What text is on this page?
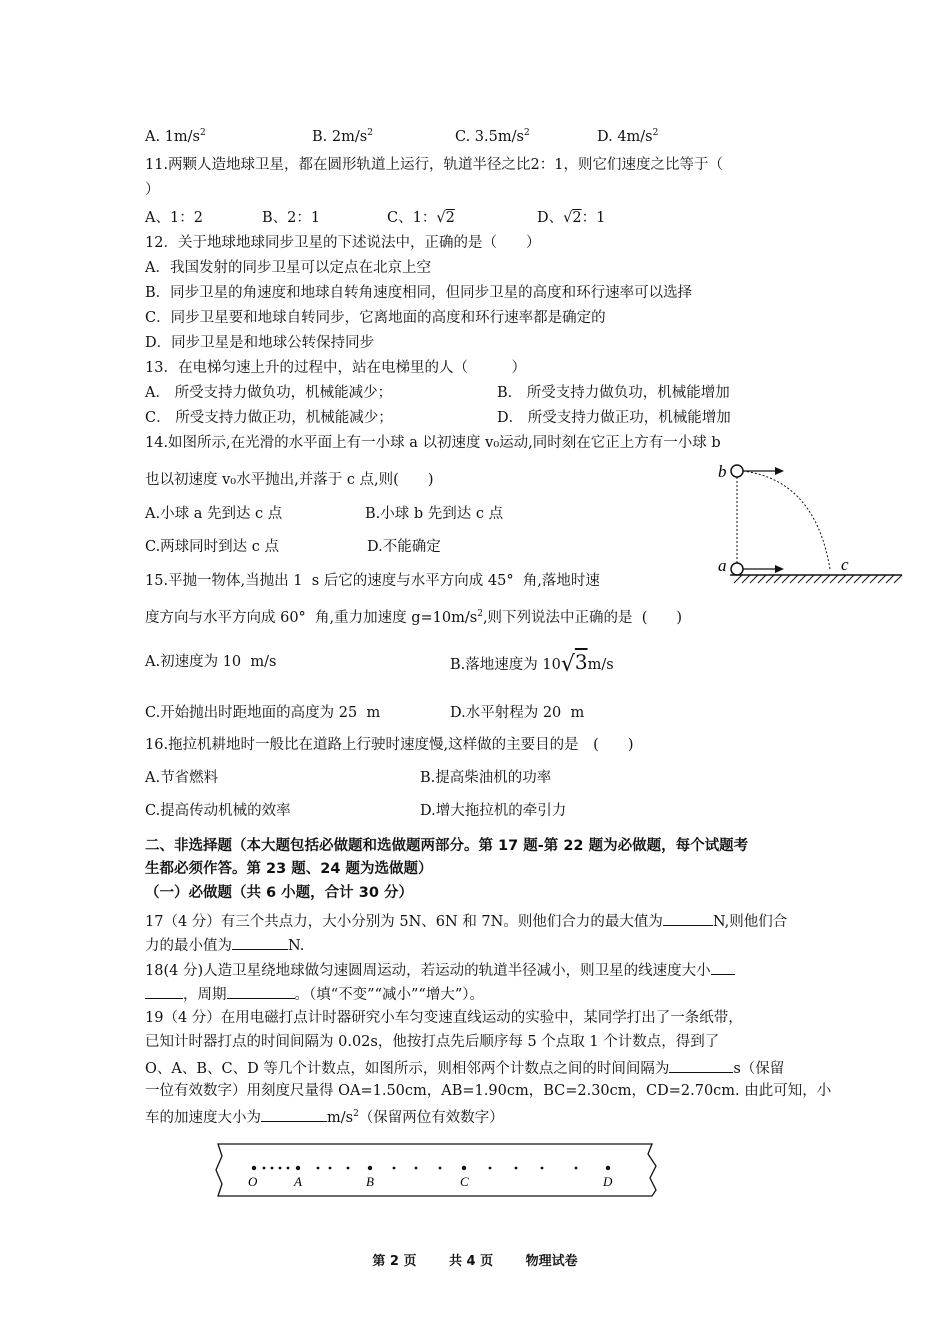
A. $1m/s^2$	B. $2m/s^2$	C. $3.5m/s^2$	D. $4m/s^2$
11.两颗人造地球卫星，都在圆形轨道上运行，轨道半径之比2：1，则它们速度之比等于（
）
A、1：2	B、2：1	C、1：√2	D、√2：1
12．关于地球地球同步卫星的下述说法中，正确的是（　　）
A．我国发射的同步卫星可以定点在北京上空
B．同步卫星的角速度和地球自转角速度相同，但同步卫星的高度和环行速率可以选择
C．同步卫星要和地球自转同步，它离地面的高度和环行速率都是确定的
D．同步卫星是和地球公转保持同步
13．在电梯匀速上升的过程中，站在电梯里的人（　　　）
A． 所受支持力做负功，机械能减少；	B． 所受支持力做负功，机械能增加
C． 所受支持力做正功，机械能减少；	D． 所受支持力做正功，机械能增加
14.如图所示,在光滑的水平面上有一小球 a 以初速度 v₀运动,同时刻在它正上方有一小球 b
也以初速度 v₀水平抛出,并落于 c 点,则(　　)
A.小球 a 先到达 c 点	B.小球 b 先到达 c 点
C.两球同时到达 c 点	D.不能确定
b
a	c
15.平抛一物体,当抛出 1  s 后它的速度与水平方向成 45°  角,落地时速
度方向与水平方向成 60°  角,重力加速度 $g=10m/s^2$,则下列说法中正确的是  (　　)
A.初速度为 10  m/s	B.落地速度为 10√3m/s
C.开始抛出时距地面的高度为 25  m	D.水平射程为 20  m
16.拖拉机耕地时一般比在道路上行驶时速度慢,这样做的主要目的是　(　　)
A.节省燃料	B.提高柴油机的功率
C.提高传动机械的效率	D.增大拖拉机的牵引力
二、非选择题（本大题包括必做题和选做题两部分。第 17 题-第 22 题为必做题，每个试题考
生都必须作答。第 23 题、24 题为选做题）
（一）必做题（共 6 小题，合计 30 分）
17（4 分）有三个共点力，大小分别为 5N、6N 和 7N。则他们合力的最大值为	N,则他们合
力的最小值为	N.
18(4 分)人造卫星绕地球做匀速圆周运动，若运动的轨道半径减小，则卫星的线速度大小
，周期	。（填“不变”“减小”“增大”）。
19（4 分）在用电磁打点计时器研究小车匀变速直线运动的实验中，某同学打出了一条纸带，
已知计时器打点的时间间隔为 0.02s，他按打点先后顺序每 5 个点取 1 个计数点，得到了
O、A、B、C、D 等几个计数点，如图所示，则相邻两个计数点之间的时间间隔为	s（保留
一位有效数字）用刻度尺量得 OA=1.50cm，AB=1.90cm，BC=2.30cm，CD=2.70cm. 由此可知，小
车的加速度大小为	$m/s^2$（保留两位有效数字）
O	A	B	C	D
第 2 页	共 4 页	物理试卷
